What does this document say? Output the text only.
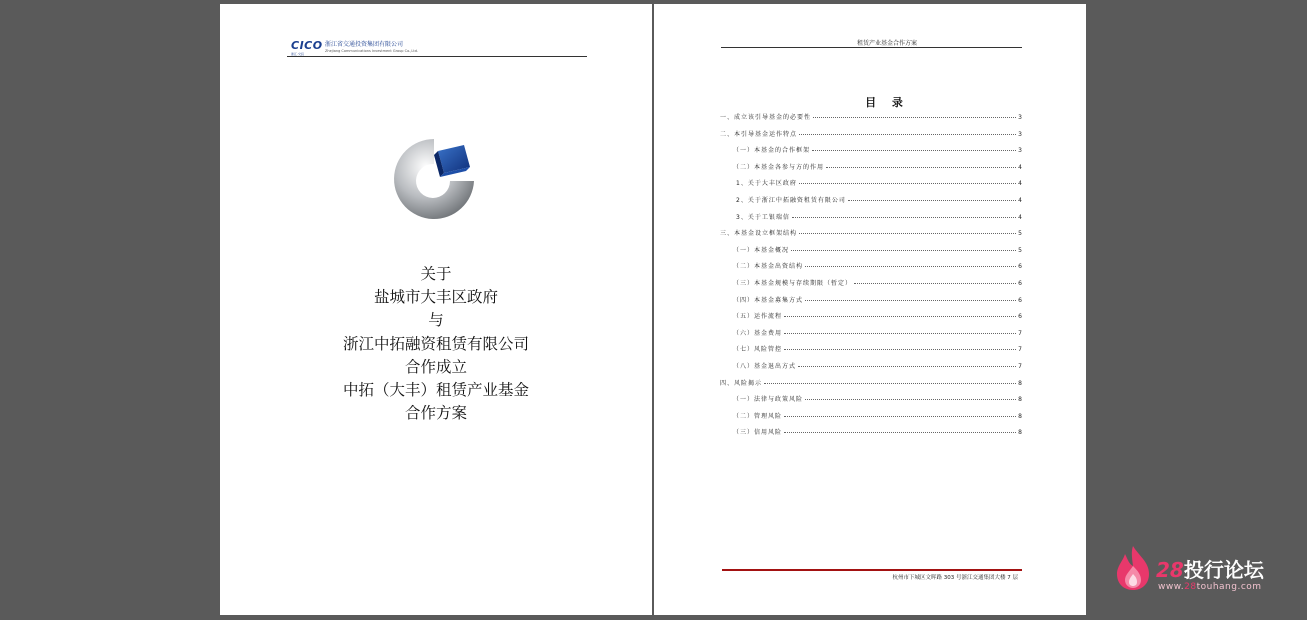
CICO
浙江·交投
浙江省交通投资集团有限公司
Zhejiang Communications Investment Group Co.,Ltd.
关于
盐城市大丰区政府
与
浙江中拓融资租赁有限公司
合作成立
中拓（大丰）租赁产业基金
合作方案
租赁产业基金合作方案
目 录
一、成立该引导基金的必要性	3
二、本引导基金运作特点	3
（一）本基金的合作框架	3
（二）本基金各参与方的作用	4
1、关于大丰区政府	4
2、关于浙江中拓融资租赁有限公司	4
3、关于工银瑞信	4
三、本基金设立框架结构	5
（一）本基金概况	5
（二）本基金出资结构	6
（三）本基金规模与存续期限（暂定）	6
（四）本基金募集方式	6
（五）运作流程	6
（六）基金费用	7
（七）风险管控	7
（八）基金退出方式	7
四、风险揭示	8
（一）法律与政策风险	8
（二）管理风险	8
（三）信用风险	8
杭州市下城区文晖路 303 号浙江交通集团大楼 7 层	28投行论坛
www.28touhang.com
